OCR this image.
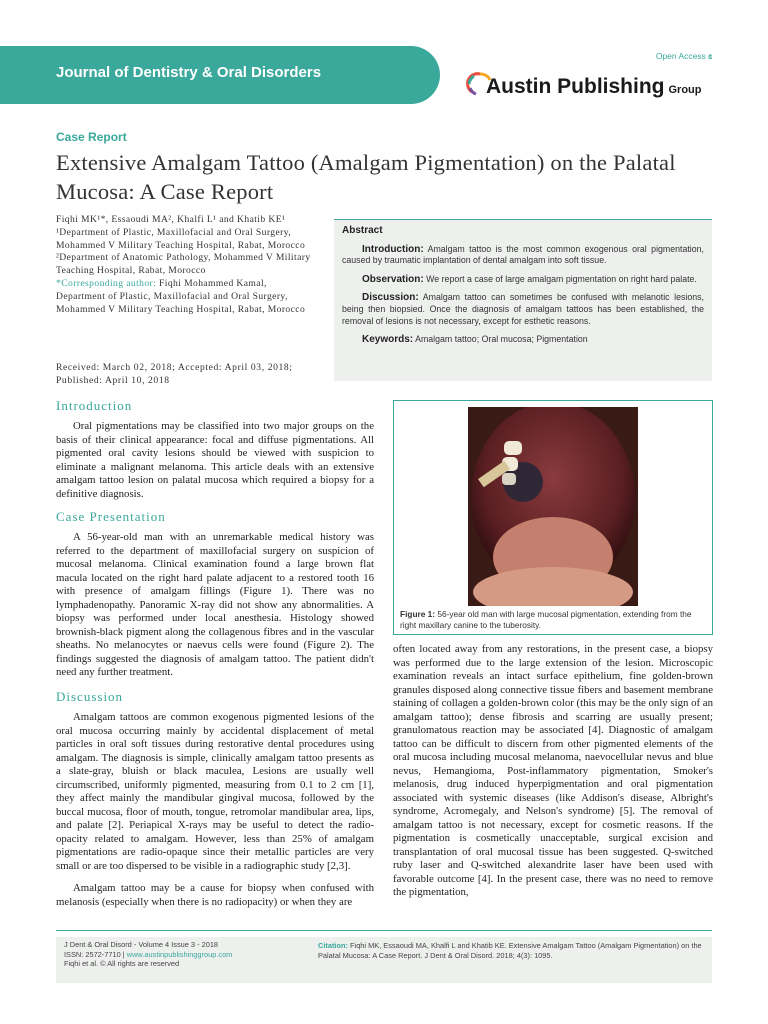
Journal of Dentistry & Oral Disorders
Open Access 𝔞
Austin Publishing Group
Case Report
Extensive Amalgam Tattoo (Amalgam Pigmentation) on the Palatal Mucosa: A Case Report

Fiqhi MK¹*, Essaoudi MA², Khalfi L¹ and Khatib KE¹

¹Department of Plastic, Maxillofacial and Oral Surgery, Mohammed V Military Teaching Hospital, Rabat, Morocco

²Department of Anatomic Pathology, Mohammed V Military Teaching Hospital, Rabat, Morocco

*Corresponding author: Fiqhi Mohammed Kamal, Department of Plastic, Maxillofacial and Oral Surgery, Mohammed V Military Teaching Hospital, Rabat, Morocco

Received: March 02, 2018; Accepted: April 03, 2018; Published: April 10, 2018
Abstract

Introduction: Amalgam tattoo is the most common exogenous oral pigmentation, caused by traumatic implantation of dental amalgam into soft tissue.

Observation: We report a case of large amalgam pigmentation on right hard palate.

Discussion: Amalgam tattoo can sometimes be confused with melanotic lesions, being then biopsied. Once the diagnosis of amalgam tattoos has been established, the removal of lesions is not necessary, except for esthetic reasons.

Keywords: Amalgam tattoo; Oral mucosa; Pigmentation

Figure 1: 56-year old man with large mucosal pigmentation, extending from the right maxillary canine to the tuberosity.
Introduction

Oral pigmentations may be classified into two major groups on the basis of their clinical appearance: focal and diffuse pigmentations. All pigmented oral cavity lesions should be viewed with suspicion to eliminate a malignant melanoma. This article deals with an extensive amalgam tattoo lesion on palatal mucosa which required a biopsy for a definitive diagnosis.

Case Presentation

A 56-year-old man with an unremarkable medical history was referred to the department of maxillofacial surgery on suspicion of mucosal melanoma. Clinical examination found a large brown flat macula located on the right hard palate adjacent to a restored tooth 16 with presence of amalgam fillings (Figure 1). There was no lymphadenopathy. Panoramic X-ray did not show any abnormalities. A biopsy was performed under local anesthesia. Histology showed brownish-black pigment along the collagenous fibres and in the vascular sheaths. No melanocytes or naevus cells were found (Figure 2). The findings suggested the diagnosis of amalgam tattoo. The patient didn't need any further treatment.

Discussion

Amalgam tattoos are common exogenous pigmented lesions of the oral mucosa occurring mainly by accidental displacement of metal particles in oral soft tissues during restorative dental procedures using amalgam. The diagnosis is simple, clinically amalgam tattoo presents as a slate-gray, bluish or black maculea, Lesions are usually well circumscribed, uniformly pigmented, measuring from 0.1 to 2 cm [1], they affect mainly the mandibular gingival mucosa, followed by the buccal mucosa, floor of mouth, tongue, retromolar mandibular area, lips, and palate [2]. Periapical X-rays may be useful to detect the radio-opacity related to amalgam. However, less than 25% of amalgam pigmentations are radio-opaque since their metallic particles are very small or are too dispersed to be visible in a radiographic study [2,3].

Amalgam tattoo may be a cause for biopsy when confused with melanosis (especially when there is no radiopacity) or when they are

often located away from any restorations, in the present case, a biopsy was performed due to the large extension of the lesion. Microscopic examination reveals an intact surface epithelium, fine golden-brown granules disposed along connective tissue fibers and basement membrane staining of collagen a golden-brown color (this may be the only sign of an amalgam tattoo); dense fibrosis and scarring are usually present; granulomatous reaction may be associated [4]. Diagnostic of amalgam tattoo can be difficult to discern from other pigmented elements of the oral mucosa including mucosal melanoma, naevocellular nevus and blue nevus, Hemangioma, Post-inflammatory pigmentation, Smoker's melanosis, drug induced hyperpigmentation and oral pigmentation associated with systemic diseases (like Addison's disease, Albright's syndrome, Acromegaly, and Nelson's syndrome) [5]. The removal of amalgam tattoo is not necessary, except for cosmetic reasons. If the pigmentation is cosmetically unacceptable, surgical excision and transplantation of oral mucosal tissue has been suggested. Q-switched ruby laser and Q-switched alexandrite laser have been used with favorable outcome [4]. In the present case, there was no need to remove the pigmentation,

J Dent & Oral Disord - Volume 4 Issue 3 - 2018
ISSN: 2572-7710 | www.austinpublishinggroup.com
Fiqhi et al. © All rights are reserved
Citation: Fiqhi MK, Essaoudi MA, Khalfi L and Khatib KE. Extensive Amalgam Tattoo (Amalgam Pigmentation) on the Palatal Mucosa: A Case Report. J Dent & Oral Disord. 2018; 4(3): 1095.
